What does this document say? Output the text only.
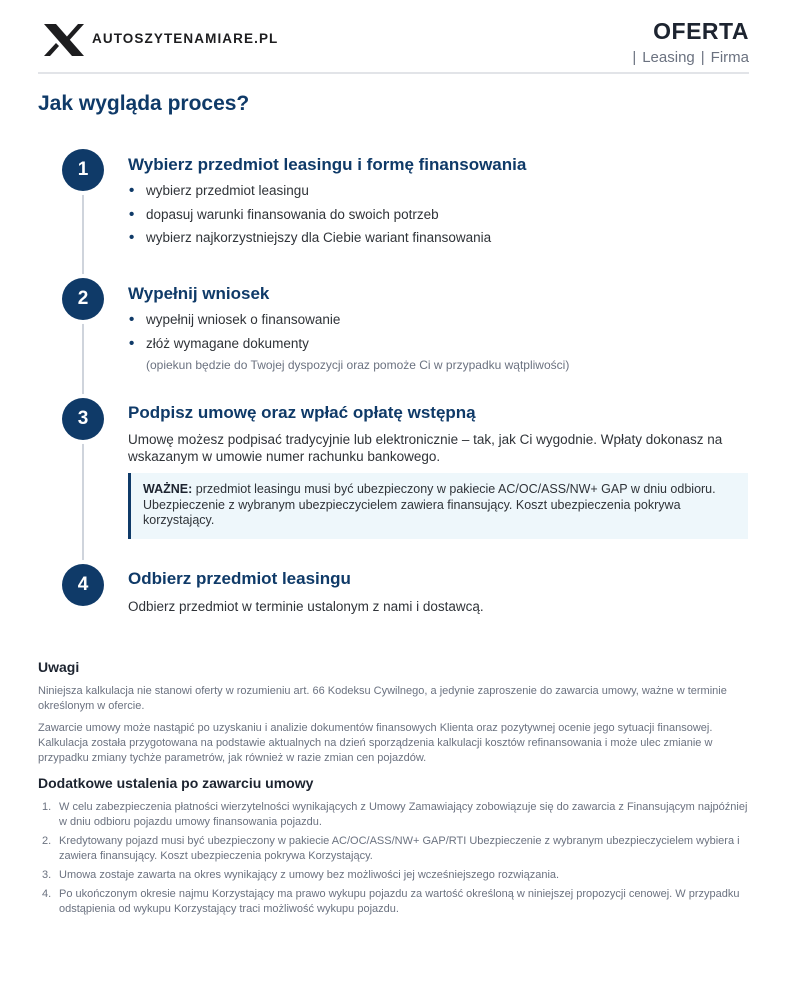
AUTOSZYTENAMIARE.PL	OFERTA
| Leasing | Firma
Jak wygląda proces?
1	Wybierz przedmiot leasingu i formę finansowania
• wybierz przedmiot leasingu
• dopasuj warunki finansowania do swoich potrzeb
• wybierz najkorzystniejszy dla Ciebie wariant finansowania
2	Wypełnij wniosek
• wypełnij wniosek o finansowanie
• złóż wymagane dokumenty
(opiekun będzie do Twojej dyspozycji oraz pomoże Ci w przypadku wątpliwości)
3	Podpisz umowę oraz wpłać opłatę wstępną

Umowę możesz podpisać tradycyjnie lub elektronicznie – tak, jak Ci wygodnie. Wpłaty dokonasz na wskazanym w umowie numer rachunku bankowego.

WAŻNE: przedmiot leasingu musi być ubezpieczony w pakiecie AC/OC/ASS/NW+ GAP w dniu odbioru. Ubezpieczenie z wybranym ubezpieczycielem zawiera finansujący. Koszt ubezpieczenia pokrywa korzystający.
4	Odbierz przedmiot leasingu

Odbierz przedmiot w terminie ustalonym z nami i dostawcą.

Uwagi

Niniejsza kalkulacja nie stanowi oferty w rozumieniu art. 66 Kodeksu Cywilnego, a jedynie zaproszenie do zawarcia umowy, ważne w terminie określonym w ofercie.

Zawarcie umowy może nastąpić po uzyskaniu i analizie dokumentów finansowych Klienta oraz pozytywnej ocenie jego sytuacji finansowej. Kalkulacja została przygotowana na podstawie aktualnych na dzień sporządzenia kalkulacji kosztów refinansowania i może ulec zmianie w przypadku zmiany tychże parametrów, jak również w razie zmian cen pojazdów.

Dodatkowe ustalenia po zawarciu umowy
1. W celu zabezpieczenia płatności wierzytelności wynikających z Umowy Zamawiający zobowiązuje się do zawarcia z Finansującym najpóźniej w dniu odbioru pojazdu umowy finansowania pojazdu.
2. Kredytowany pojazd musi być ubezpieczony w pakiecie AC/OC/ASS/NW+ GAP/RTI Ubezpieczenie z wybranym ubezpieczycielem wybiera i zawiera finansujący. Koszt ubezpieczenia pokrywa Korzystający.
3. Umowa zostaje zawarta na okres wynikający z umowy bez możliwości jej wcześniejszego rozwiązania.
4. Po ukończonym okresie najmu Korzystający ma prawo wykupu pojazdu za wartość określoną w niniejszej propozycji cenowej. W przypadku odstąpienia od wykupu Korzystający traci możliwość wykupu pojazdu.
